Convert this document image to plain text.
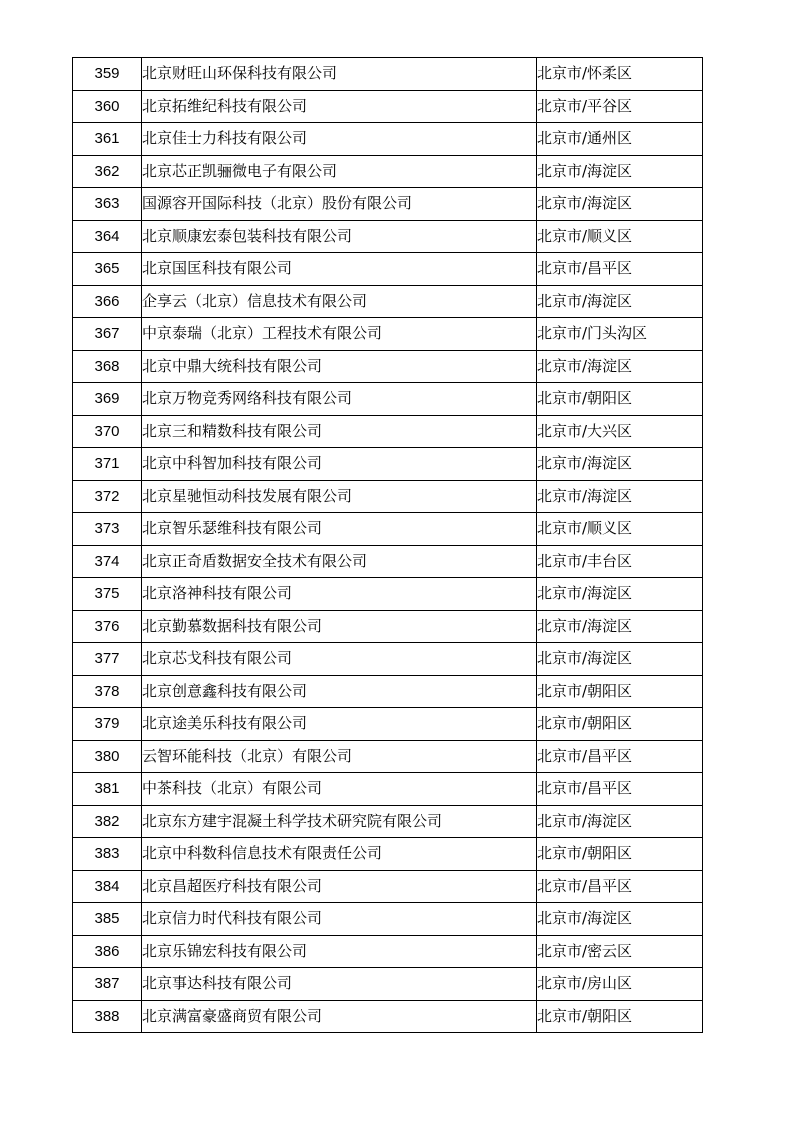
359	北京财旺山环保科技有限公司	北京市/怀柔区
360	北京拓维纪科技有限公司	北京市/平谷区
361	北京佳士力科技有限公司	北京市/通州区
362	北京芯正凯骊微电子有限公司	北京市/海淀区
363	国源容开国际科技（北京）股份有限公司	北京市/海淀区
364	北京顺康宏泰包装科技有限公司	北京市/顺义区
365	北京国匡科技有限公司	北京市/昌平区
366	企享云（北京）信息技术有限公司	北京市/海淀区
367	中京泰瑞（北京）工程技术有限公司	北京市/门头沟区
368	北京中鼎大统科技有限公司	北京市/海淀区
369	北京万物竞秀网络科技有限公司	北京市/朝阳区
370	北京三和精数科技有限公司	北京市/大兴区
371	北京中科智加科技有限公司	北京市/海淀区
372	北京星驰恒动科技发展有限公司	北京市/海淀区
373	北京智乐瑟维科技有限公司	北京市/顺义区
374	北京正奇盾数据安全技术有限公司	北京市/丰台区
375	北京洛神科技有限公司	北京市/海淀区
376	北京勤慕数据科技有限公司	北京市/海淀区
377	北京芯戈科技有限公司	北京市/海淀区
378	北京创意鑫科技有限公司	北京市/朝阳区
379	北京途美乐科技有限公司	北京市/朝阳区
380	云智环能科技（北京）有限公司	北京市/昌平区
381	中茶科技（北京）有限公司	北京市/昌平区
382	北京东方建宇混凝土科学技术研究院有限公司	北京市/海淀区
383	北京中科数科信息技术有限责任公司	北京市/朝阳区
384	北京昌超医疗科技有限公司	北京市/昌平区
385	北京信力时代科技有限公司	北京市/海淀区
386	北京乐锦宏科技有限公司	北京市/密云区
387	北京事达科技有限公司	北京市/房山区
388	北京满富豪盛商贸有限公司	北京市/朝阳区
